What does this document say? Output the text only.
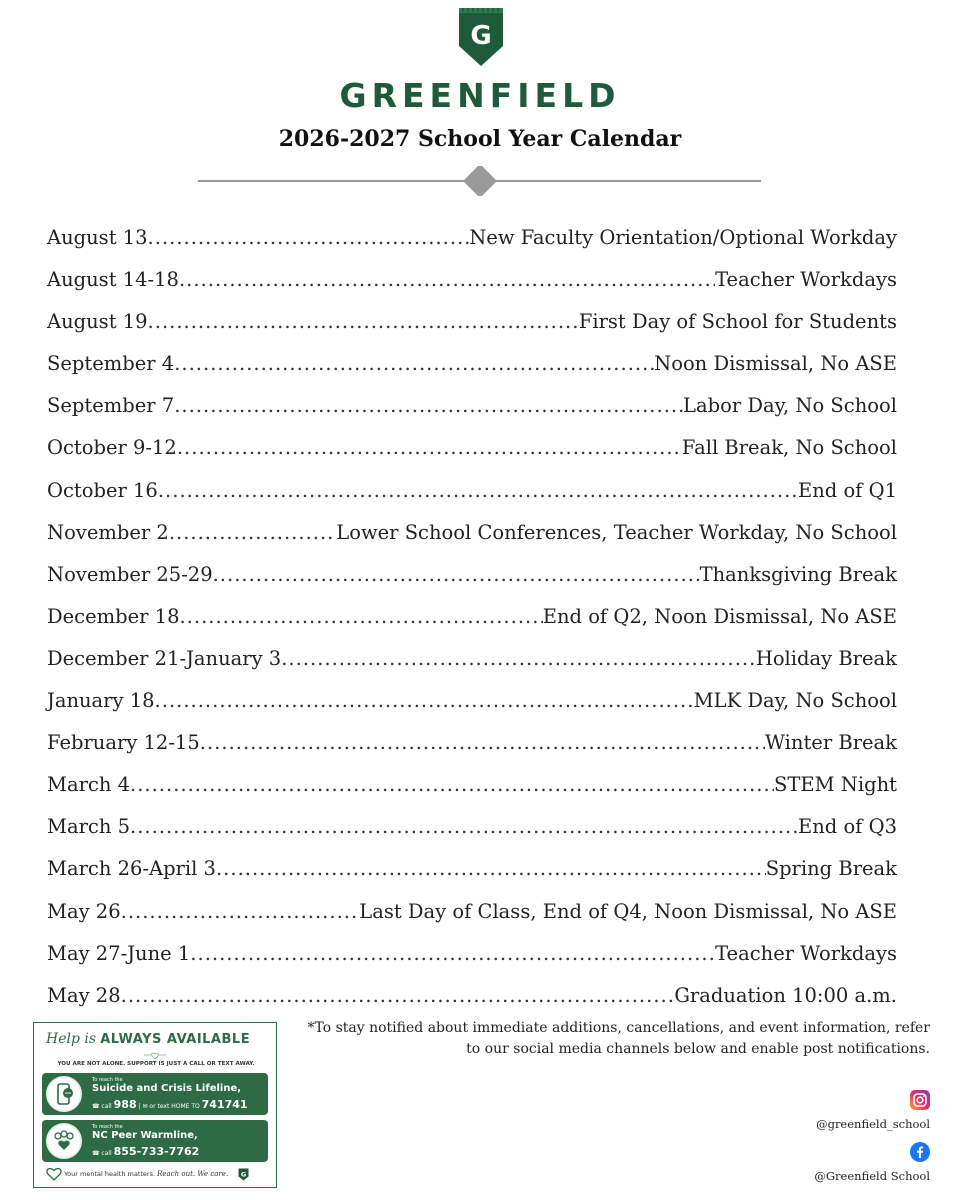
G
GREENFIELD
2026-2027 School Year Calendar
August 13 .....	New Faculty Orientation/Optional Workday
August 14-18 .....	Teacher Workdays
August 19 .....	First Day of School for Students
September 4 .....	Noon Dismissal, No ASE
September 7 .....	Labor Day, No School
October 9-12 .....	Fall Break, No School
October 16 .....	End of Q1
November 2 .....	Lower School Conferences, Teacher Workday, No School
November 25-29 .....	Thanksgiving Break
December 18 .....	End of Q2, Noon Dismissal, No ASE
December 21-January 3 .....	Holiday Break
January 18 .....	MLK Day, No School
February 12-15 .....	Winter Break
March 4 .....	STEM Night
March 5 .....	End of Q3
March 26-April 3 .....	Spring Break
May 26 .....	Last Day of Class, End of Q4, Noon Dismissal, No ASE
May 27-June 1 .....	Teacher Workdays
May 28 .....	Graduation 10:00 a.m.
*To stay notified about immediate additions, cancellations, and event information, refer
to our social media channels below and enable post notifications.
@greenfield_school
@Greenfield School
Help is ALWAYS AVAILABLE
YOU ARE NOT ALONE. SUPPORT IS JUST A CALL OR TEXT AWAY.
To reach the
Suicide and Crisis Lifeline,
☎ call 988 | ✉ or text HOME TO 741741
To reach the
NC Peer Warmline,
☎ call 855-733-7762
Your mental health matters. Reach out. We care. G
